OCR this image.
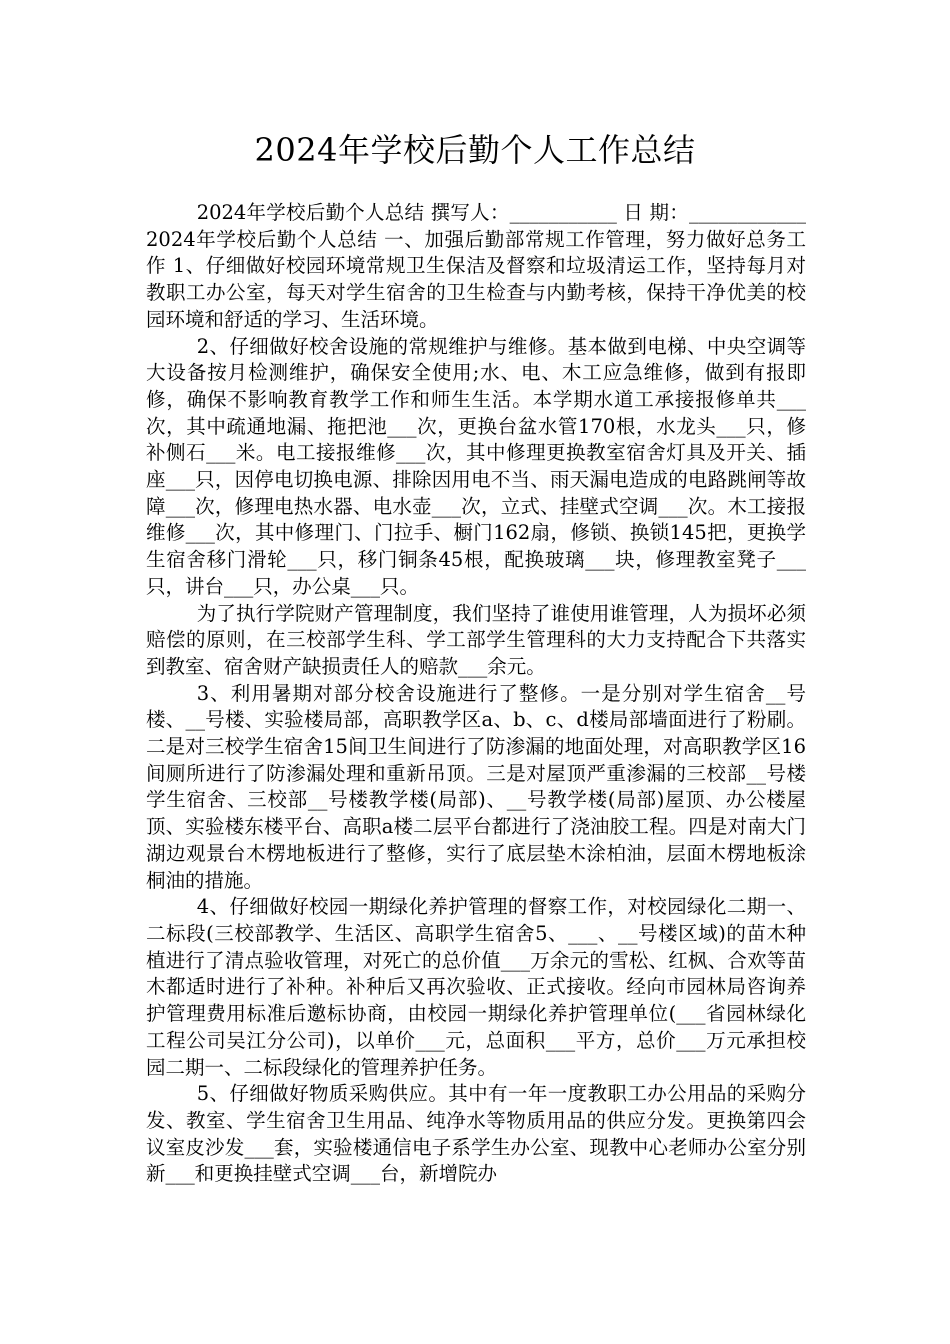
2024年学校后勤个人工作总结

2024年学校后勤个人总结 撰写人：___________ 日 期：____________ 2024年学校后勤个人总结 一、加强后勤部常规工作管理，努力做好总务工作 1、仔细做好校园环境常规卫生保洁及督察和垃圾清运工作，坚持每月对教职工办公室，每天对学生宿舍的卫生检查与内勤考核，保持干净优美的校园环境和舒适的学习、生活环境。

2、仔细做好校舍设施的常规维护与维修。基本做到电梯、中央空调等大设备按月检测维护，确保安全使用;水、电、木工应急维修，做到有报即修，确保不影响教育教学工作和师生生活。本学期水道工承接报修单共___次，其中疏通地漏、拖把池___次，更换台盆水管170根，水龙头___只，修补侧石___米。电工接报维修___次，其中修理更换教室宿舍灯具及开关、插座___只，因停电切换电源、排除因用电不当、雨天漏电造成的电路跳闸等故障___次，修理电热水器、电水壶___次，立式、挂壁式空调___次。木工接报维修___次，其中修理门、门拉手、橱门162扇，修锁、换锁145把，更换学生宿舍移门滑轮___只，移门铜条45根，配换玻璃___块，修理教室凳子___只，讲台___只，办公桌___只。

为了执行学院财产管理制度，我们坚持了谁使用谁管理，人为损坏必须赔偿的原则，在三校部学生科、学工部学生管理科的大力支持配合下共落实到教室、宿舍财产缺损责任人的赔款___余元。

3、利用暑期对部分校舍设施进行了整修。一是分别对学生宿舍__号楼、__号楼、实验楼局部，高职教学区a、b、c、d楼局部墙面进行了粉刷。二是对三校学生宿舍15间卫生间进行了防渗漏的地面处理，对高职教学区16间厕所进行了防渗漏处理和重新吊顶。三是对屋顶严重渗漏的三校部__号楼学生宿舍、三校部__号楼教学楼(局部)、__号教学楼(局部)屋顶、办公楼屋顶、实验楼东楼平台、高职a楼二层平台都进行了浇油胶工程。四是对南大门湖边观景台木楞地板进行了整修，实行了底层垫木涂柏油，层面木楞地板涂桐油的措施。

4、仔细做好校园一期绿化养护管理的督察工作，对校园绿化二期一、二标段(三校部教学、生活区、高职学生宿舍5、___、__号楼区域)的苗木种植进行了清点验收管理，对死亡的总价值___万余元的雪松、红枫、合欢等苗木都适时进行了补种。补种后又再次验收、正式接收。经向市园林局咨询养护管理费用标准后邀标协商，由校园一期绿化养护管理单位(___省园林绿化工程公司吴江分公司)，以单价___元，总面积___平方，总价___万元承担校园二期一、二标段绿化的管理养护任务。

5、仔细做好物质采购供应。其中有一年一度教职工办公用品的采购分发、教室、学生宿舍卫生用品、纯净水等物质用品的供应分发。更换第四会议室皮沙发___套，实验楼通信电子系学生办公室、现教中心老师办公室分别新___和更换挂壁式空调___台，新增院办
